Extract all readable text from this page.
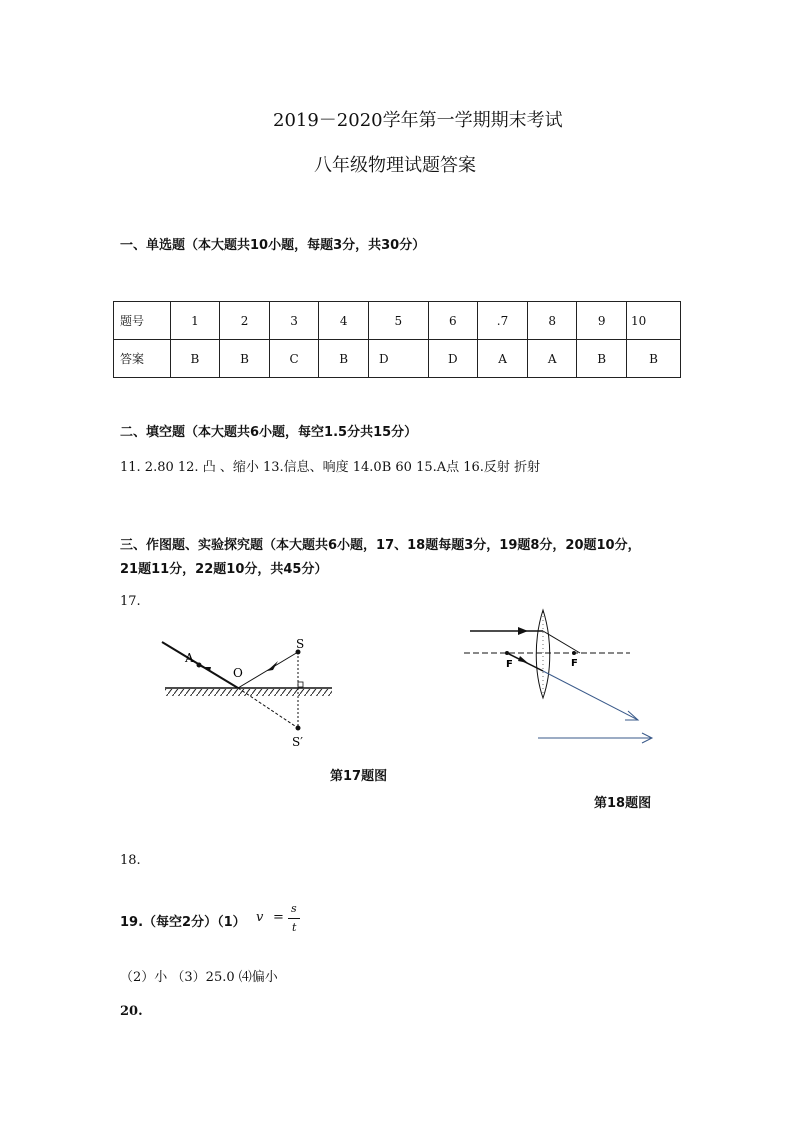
2019－2020学年第一学期期末考试
八年级物理试题答案
一、单选题（本大题共10小题，每题3分，共30分）
题号	1	2	3	4	5	6	.7	8	9	10
答案	B	B	C	B	D	D	A	A	B	B
二、填空题（本大题共6小题，每空1.5分共15分）
11. 2.80 12. 凸 、缩小 13.信息、响度 14.0B 60 15.A点 16.反射 折射
三、作图题、实验探究题（本大题共6小题，17、18题每题3分，19题8分，20题10分，
21题11分，22题10分，共45分）
17.
A
O
S
S′
第17题图
F	F
第18题图
18.
19.（每空2分）（1） v =
s
t
（2）小 （3）25.0 ⑷偏小
20.
